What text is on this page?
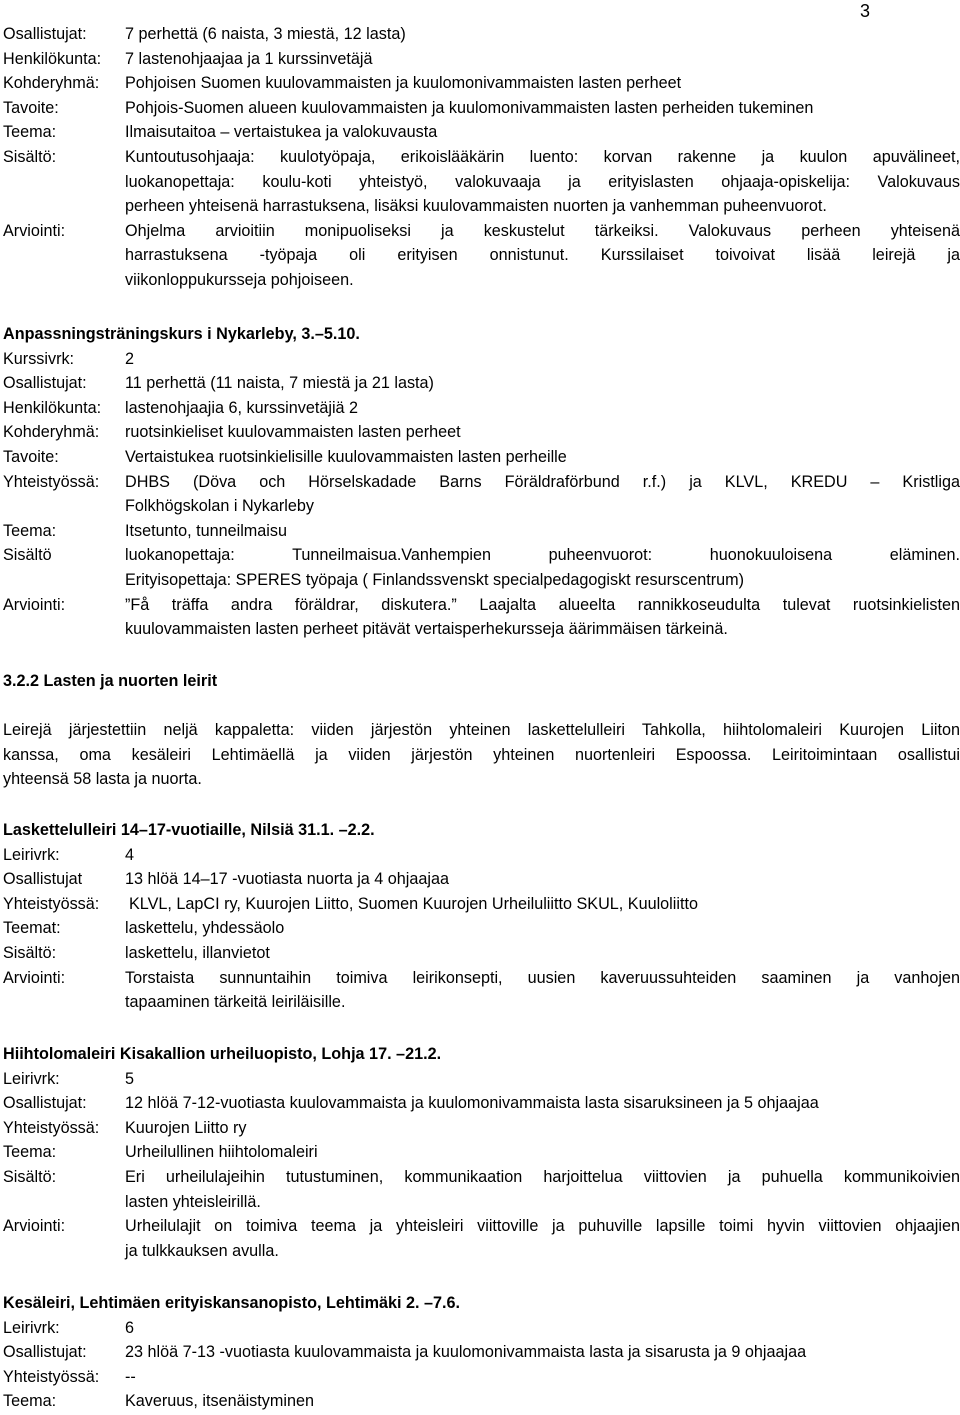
3
Osallistujat: 7 perhettä (6 naista, 3 miestä, 12 lasta)
Henkilökunta: 7 lastenohjaajaa ja 1 kurssinvetäjä
Kohderyhmä: Pohjoisen Suomen kuulovammaisten ja kuulomonivammaisten lasten perheet
Tavoite:	Pohjois-Suomen alueen kuulovammaisten ja kuulomonivammaisten lasten perheiden tukeminen
Teema:	Ilmaisutaitoa – vertaistukea ja valokuvausta
Sisältö:	Kuntoutusohjaaja: kuulotyöpaja, erikoislääkärin luento: korvan rakenne ja kuulon apuvälineet,
luokanopettaja: koulu-koti yhteistyö, valokuvaaja ja erityislasten ohjaaja-opiskelija: Valokuvaus
perheen yhteisenä harrastuksena, lisäksi kuulovammaisten nuorten ja vanhemman puheenvuorot.
Arviointi:	Ohjelma arvioitiin monipuoliseksi ja keskustelut tärkeiksi. Valokuvaus perheen yhteisenä
harrastuksena -työpaja oli erityisen onnistunut. Kurssilaiset toivoivat lisää leirejä ja
viikonloppukursseja pohjoiseen.
Anpassningsträningskurs i Nykarleby, 3.–5.10.
Kurssivrk:	2
Osallistujat: 11 perhettä (11 naista, 7 miestä ja 21 lasta)
Henkilökunta: lastenohjaajia 6, kurssinvetäjiä 2
Kohderyhmä: ruotsinkieliset kuulovammaisten lasten perheet
Tavoite:	Vertaistukea ruotsinkielisille kuulovammaisten lasten perheille
Yhteistyössä: DHBS (Döva och Hörselskadade Barns Föräldraförbund r.f.) ja KLVL, KREDU – Kristliga
Folkhögskolan i Nykarleby
Teema:	Itsetunto, tunneilmaisu
Sisältö	luokanopettaja: Tunneilmaisua.Vanhempien puheenvuorot: huonokuuloisena eläminen.
Erityisopettaja: SPERES työpaja ( Finlandssvenskt specialpedagogiskt resurscentrum)
Arviointi:	”Få träffa andra föräldrar, diskutera.” Laajalta alueelta rannikkoseudulta tulevat ruotsinkielisten
kuulovammaisten lasten perheet pitävät vertaisperhekursseja äärimmäisen tärkeinä.
3.2.2 Lasten ja nuorten leirit
Leirejä järjestettiin neljä kappaletta: viiden järjestön yhteinen laskettelulleiri Tahkolla, hiihtolomaleiri Kuurojen Liiton
kanssa, oma kesäleiri Lehtimäellä ja viiden järjestön yhteinen nuortenleiri Espoossa. Leiritoimintaan osallistui
yhteensä 58 lasta ja nuorta.
Laskettelulleiri 14–17-vuotiaille, Nilsiä 31.1. –2.2.
Leirivrk:	4
Osallistujat	13 hlöä 14–17 -vuotiasta nuorta ja 4 ohjaajaa
Yhteistyössä: KLVL, LapCI ry, Kuurojen Liitto, Suomen Kuurojen Urheiluliitto SKUL, Kuuloliitto
Teemat:	laskettelu, yhdessäolo
Sisältö:	laskettelu, illanvietot
Arviointi:	Torstaista sunnuntaihin toimiva leirikonsepti, uusien kaveruussuhteiden saaminen ja vanhojen
tapaaminen tärkeitä leiriläisille.
Hiihtolomaleiri Kisakallion urheiluopisto, Lohja 17. –21.2.
Leirivrk:	5
Osallistujat: 12 hlöä 7-12-vuotiasta kuulovammaista ja kuulomonivammaista lasta sisaruksineen ja 5 ohjaajaa
Yhteistyössä: Kuurojen Liitto ry
Teema:	Urheilullinen hiihtolomaleiri
Sisältö:	Eri urheilulajeihin tutustuminen, kommunikaation harjoittelua viittovien ja puhuella kommunikoivien
lasten yhteisleirillä.
Arviointi:	Urheilulajit on toimiva teema ja yhteisleiri viittoville ja puhuville lapsille toimi hyvin viittovien ohjaajien
ja tulkkauksen avulla.
Kesäleiri, Lehtimäen erityiskansanopisto, Lehtimäki 2. –7.6.
Leirivrk:	6
Osallistujat: 23 hlöä 7-13 -vuotiasta kuulovammaista ja kuulomonivammaista lasta ja sisarusta ja 9 ohjaajaa
Yhteistyössä: --
Teema:	Kaveruus, itsenäistyminen
